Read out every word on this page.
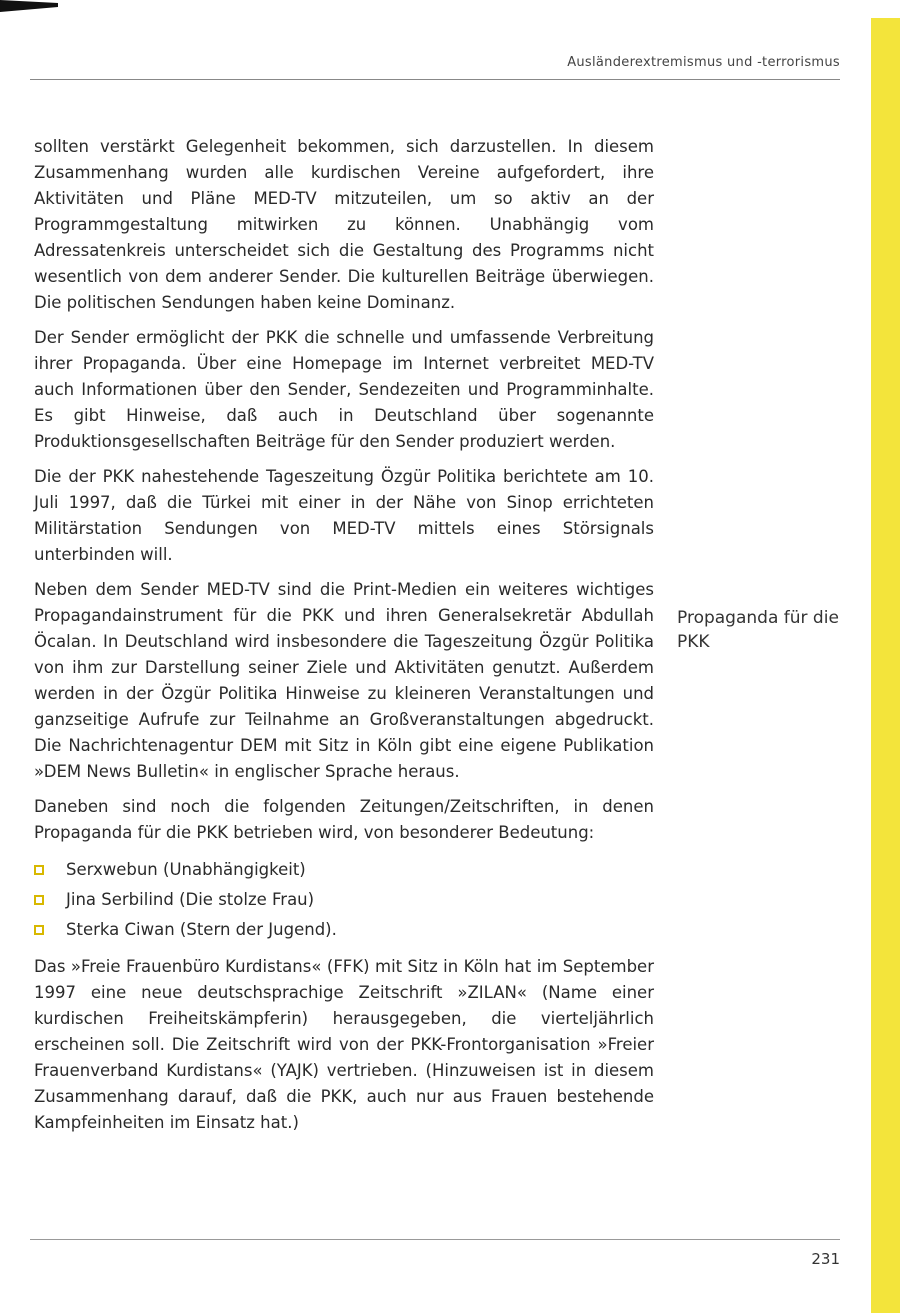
Ausländerextremismus und -terrorismus

sollten verstärkt Gelegenheit bekommen, sich darzustellen. In diesem Zusammenhang wurden alle kurdischen Vereine aufgefordert, ihre Aktivitäten und Pläne MED-TV mitzuteilen, um so aktiv an der Programmgestaltung mitwirken zu können. Unabhängig vom Adressatenkreis unterscheidet sich die Gestaltung des Programms nicht wesentlich von dem anderer Sender. Die kulturellen Beiträge überwiegen. Die politischen Sendungen haben keine Dominanz.

Der Sender ermöglicht der PKK die schnelle und umfassende Verbreitung ihrer Propaganda. Über eine Homepage im Internet verbreitet MED-TV auch Informationen über den Sender, Sendezeiten und Programminhalte. Es gibt Hinweise, daß auch in Deutschland über sogenannte Produktionsgesellschaften Beiträge für den Sender produziert werden.

Die der PKK nahestehende Tageszeitung Özgür Politika berichtete am 10. Juli 1997, daß die Türkei mit einer in der Nähe von Sinop errichteten Militärstation Sendungen von MED-TV mittels eines Störsignals unterbinden will.

Neben dem Sender MED-TV sind die Print-Medien ein weiteres wichtiges Propagandainstrument für die PKK und ihren Generalsekretär Abdullah Öcalan. In Deutschland wird insbesondere die Tageszeitung Özgür Politika von ihm zur Darstellung seiner Ziele und Aktivitäten genutzt. Außerdem werden in der Özgür Politika Hinweise zu kleineren Veranstaltungen und ganzseitige Aufrufe zur Teilnahme an Großveranstaltungen abgedruckt. Die Nachrichtenagentur DEM mit Sitz in Köln gibt eine eigene Publikation »DEM News Bulletin« in englischer Sprache heraus.

Daneben sind noch die folgenden Zeitungen/Zeitschriften, in denen Propaganda für die PKK betrieben wird, von besonderer Bedeutung:

Serxwebun (Unabhängigkeit)
Jina Serbilind (Die stolze Frau)
Sterka Ciwan (Stern der Jugend).

Das »Freie Frauenbüro Kurdistans« (FFK) mit Sitz in Köln hat im September 1997 eine neue deutschsprachige Zeitschrift »ZILAN« (Name einer kurdischen Freiheitskämpferin) herausgegeben, die vierteljährlich erscheinen soll. Die Zeitschrift wird von der PKK-Frontorganisation »Freier Frauenverband Kurdistans« (YAJK) vertrieben. (Hinzuweisen ist in diesem Zusammenhang darauf, daß die PKK, auch nur aus Frauen bestehende Kampfeinheiten im Einsatz hat.)

Propaganda für die PKK
231
